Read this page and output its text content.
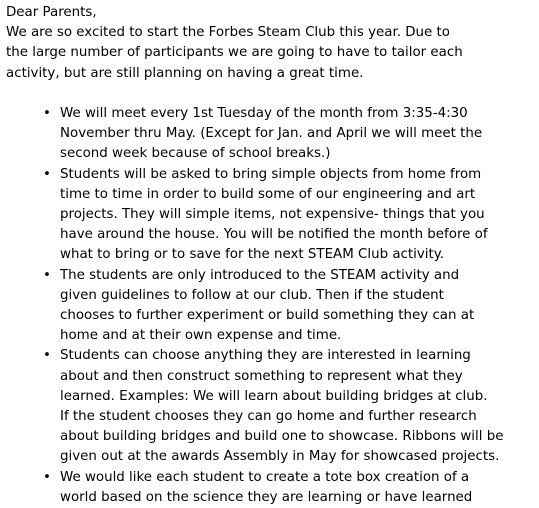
Dear Parents,

We are so excited to start the Forbes Steam Club this year. Due to
the large number of participants we are going to have to tailor each
activity, but are still planning on having a great time.

• We will meet every 1st Tuesday of the month from 3:35-4:30
November thru May. (Except for Jan. and April we will meet the
second week because of school breaks.)
• Students will be asked to bring simple objects from home from
time to time in order to build some of our engineering and art
projects. They will simple items, not expensive- things that you
have around the house. You will be notified the month before of
what to bring or to save for the next STEAM Club activity.
• The students are only introduced to the STEAM activity and
given guidelines to follow at our club. Then if the student
chooses to further experiment or build something they can at
home and at their own expense and time.
• Students can choose anything they are interested in learning
about and then construct something to represent what they
learned. Examples: We will learn about building bridges at club.
If the student chooses they can go home and further research
about building bridges and build one to showcase. Ribbons will be
given out at the awards Assembly in May for showcased projects.
• We would like each student to create a tote box creation of a
world based on the science they are learning or have learned
